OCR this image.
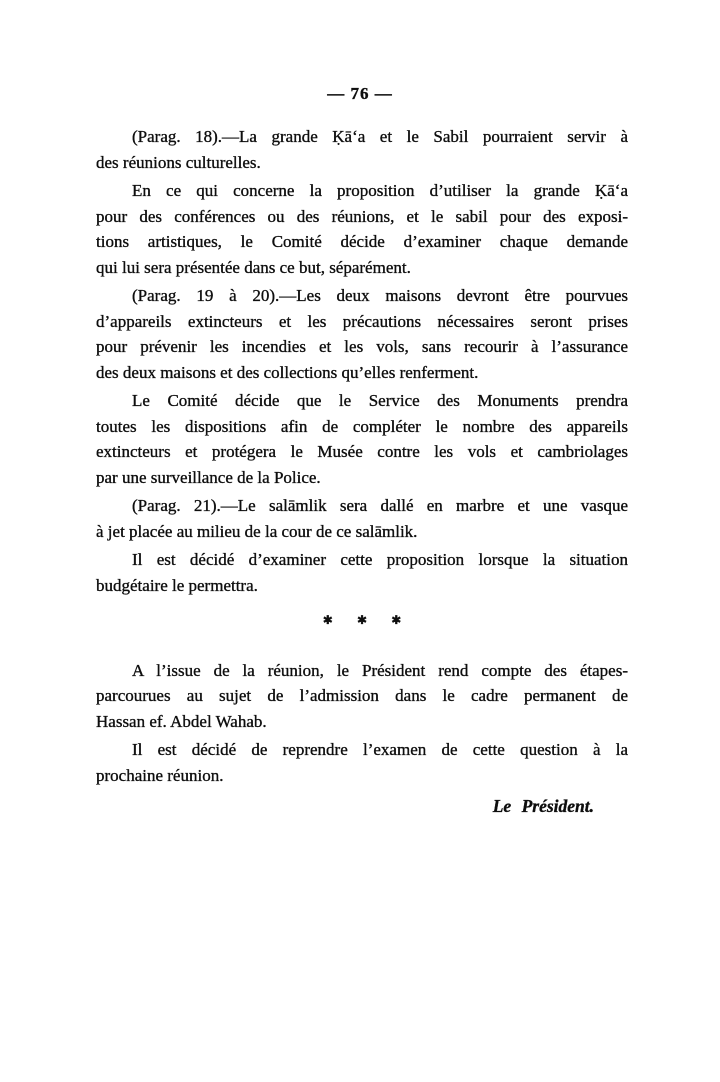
— 76 —
(Parag. 18).—La grande Ḳā‘a et le Sabil pourraient servir à
des réunions culturelles.
En ce qui concerne la proposition d’utiliser la grande Ḳā‘a
pour des conférences ou des réunions, et le sabil pour des exposi-
tions artistiques, le Comité décide d’examiner chaque demande
qui lui sera présentée dans ce but, séparément.
(Parag. 19 à 20).—Les deux maisons devront être pourvues
d’appareils extincteurs et les précautions nécessaires seront prises
pour prévenir les incendies et les vols, sans recourir à l’assurance
des deux maisons et des collections qu’elles renferment.
Le Comité décide que le Service des Monuments prendra
toutes les dispositions afin de compléter le nombre des appareils
extincteurs et protégera le Musée contre les vols et cambriolages
par une surveillance de la Police.
(Parag. 21).—Le salāmlik sera dallé en marbre et une vasque
à jet placée au milieu de la cour de ce salāmlik.
Il est décidé d’examiner cette proposition lorsque la situation
budgétaire le permettra.
✱ ✱ ✱
A l’issue de la réunion, le Président rend compte des étapes-
parcourues au sujet de l’admission dans le cadre permanent de
Hassan ef. Abdel Wahab.
Il est décidé de reprendre l’examen de cette question à la
prochaine réunion.
Le Président.
